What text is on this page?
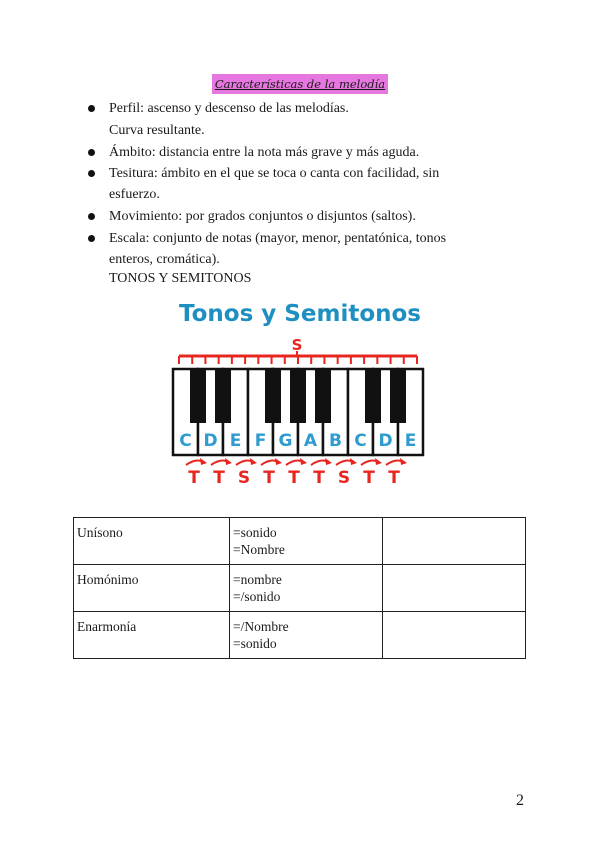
Características de la melodía
Perfil: ascenso y descenso de las melodías.
Curva resultante.
Ámbito: distancia entre la nota más grave y más aguda.
Tesitura: ámbito en el que se toca o canta con facilidad, sin
esfuerzo.
Movimiento: por grados conjuntos o disjuntos (saltos).
Escala: conjunto de notas (mayor, menor, pentatónica, tonos
enteros, cromática).
TONOS Y SEMITONOS
Tonos y Semitonos
S
C D E F G A B C D E
T T S T T T S T T
Unísono	=sonido
=Nombre	

Homónimo	=nombre
=/sonido	

Enarmonía	=/Nombre
=sonido	

2
